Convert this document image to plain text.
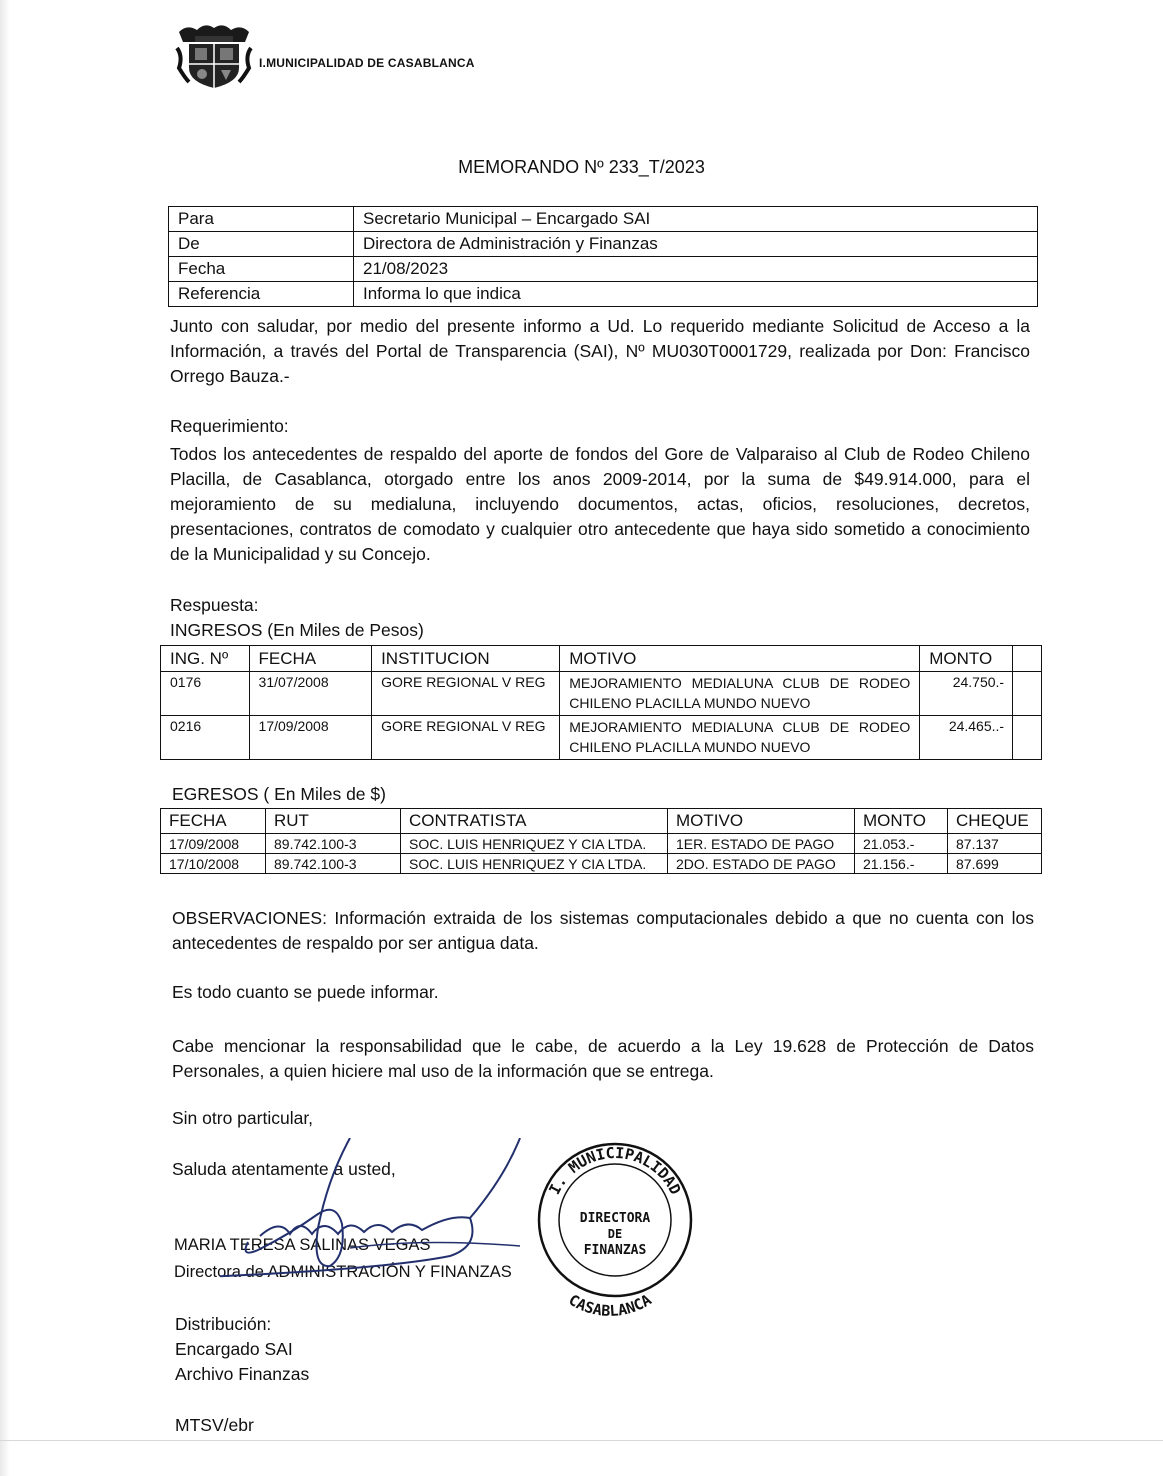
I.MUNICIPALIDAD DE CASABLANCA
MEMORANDO Nº 233_T/2023
Para	Secretario Municipal – Encargado SAI
De	Directora de Administración y Finanzas
Fecha	21/08/2023
Referencia	Informa lo que indica
Junto con saludar, por medio del presente informo a Ud. Lo requerido mediante Solicitud de Acceso a la Información, a través del Portal de Transparencia (SAI), Nº MU030T0001729, realizada por Don: Francisco Orrego Bauza.-
Requerimiento:
Todos los antecedentes de respaldo del aporte de fondos del Gore de Valparaiso al Club de Rodeo Chileno Placilla, de Casablanca, otorgado entre los anos 2009-2014, por la suma de $49.914.000, para el mejoramiento de su medialuna, incluyendo documentos, actas, oficios, resoluciones, decretos, presentaciones, contratos de comodato y cualquier otro antecedente que haya sido sometido a conocimiento de la Municipalidad y su Concejo.
Respuesta:
INGRESOS (En Miles de Pesos)
ING. Nº	FECHA	INSTITUCION	MOTIVO	MONTO	
0176	31/07/2008	GORE REGIONAL V REG	MEJORAMIENTO MEDIALUNA CLUB DE RODEO CHILENO PLACILLA MUNDO NUEVO	24.750.-	
0216	17/09/2008	GORE REGIONAL V REG	MEJORAMIENTO MEDIALUNA CLUB DE RODEO CHILENO PLACILLA MUNDO NUEVO	24.465..-	
EGRESOS ( En Miles de $)
FECHA	RUT	CONTRATISTA	MOTIVO	MONTO	CHEQUE
17/09/2008	89.742.100-3	SOC. LUIS HENRIQUEZ Y CIA LTDA.	1ER. ESTADO DE PAGO	21.053.-	87.137
17/10/2008	89.742.100-3	SOC. LUIS HENRIQUEZ Y CIA LTDA.	2DO. ESTADO DE PAGO	21.156.-	87.699
OBSERVACIONES: Información extraida de los sistemas computacionales debido a que no cuenta con los antecedentes de respaldo por ser antigua data.
Es todo cuanto se puede informar.
Cabe mencionar la responsabilidad que le cabe, de acuerdo a la Ley 19.628 de Protección de Datos Personales, a quien hiciere mal uso de la información que se entrega.
Sin otro particular,
Saluda atentamente a usted,
MARIA TERESA SALINAS VEGAS
Directora de ADMINISTRACIÓN Y FINANZAS
I. MUNICIPALIDAD
DIRECTORA
DE
FINANZAS
CASABLANCA
Distribución:
Encargado SAI
Archivo Finanzas
MTSV/ebr
